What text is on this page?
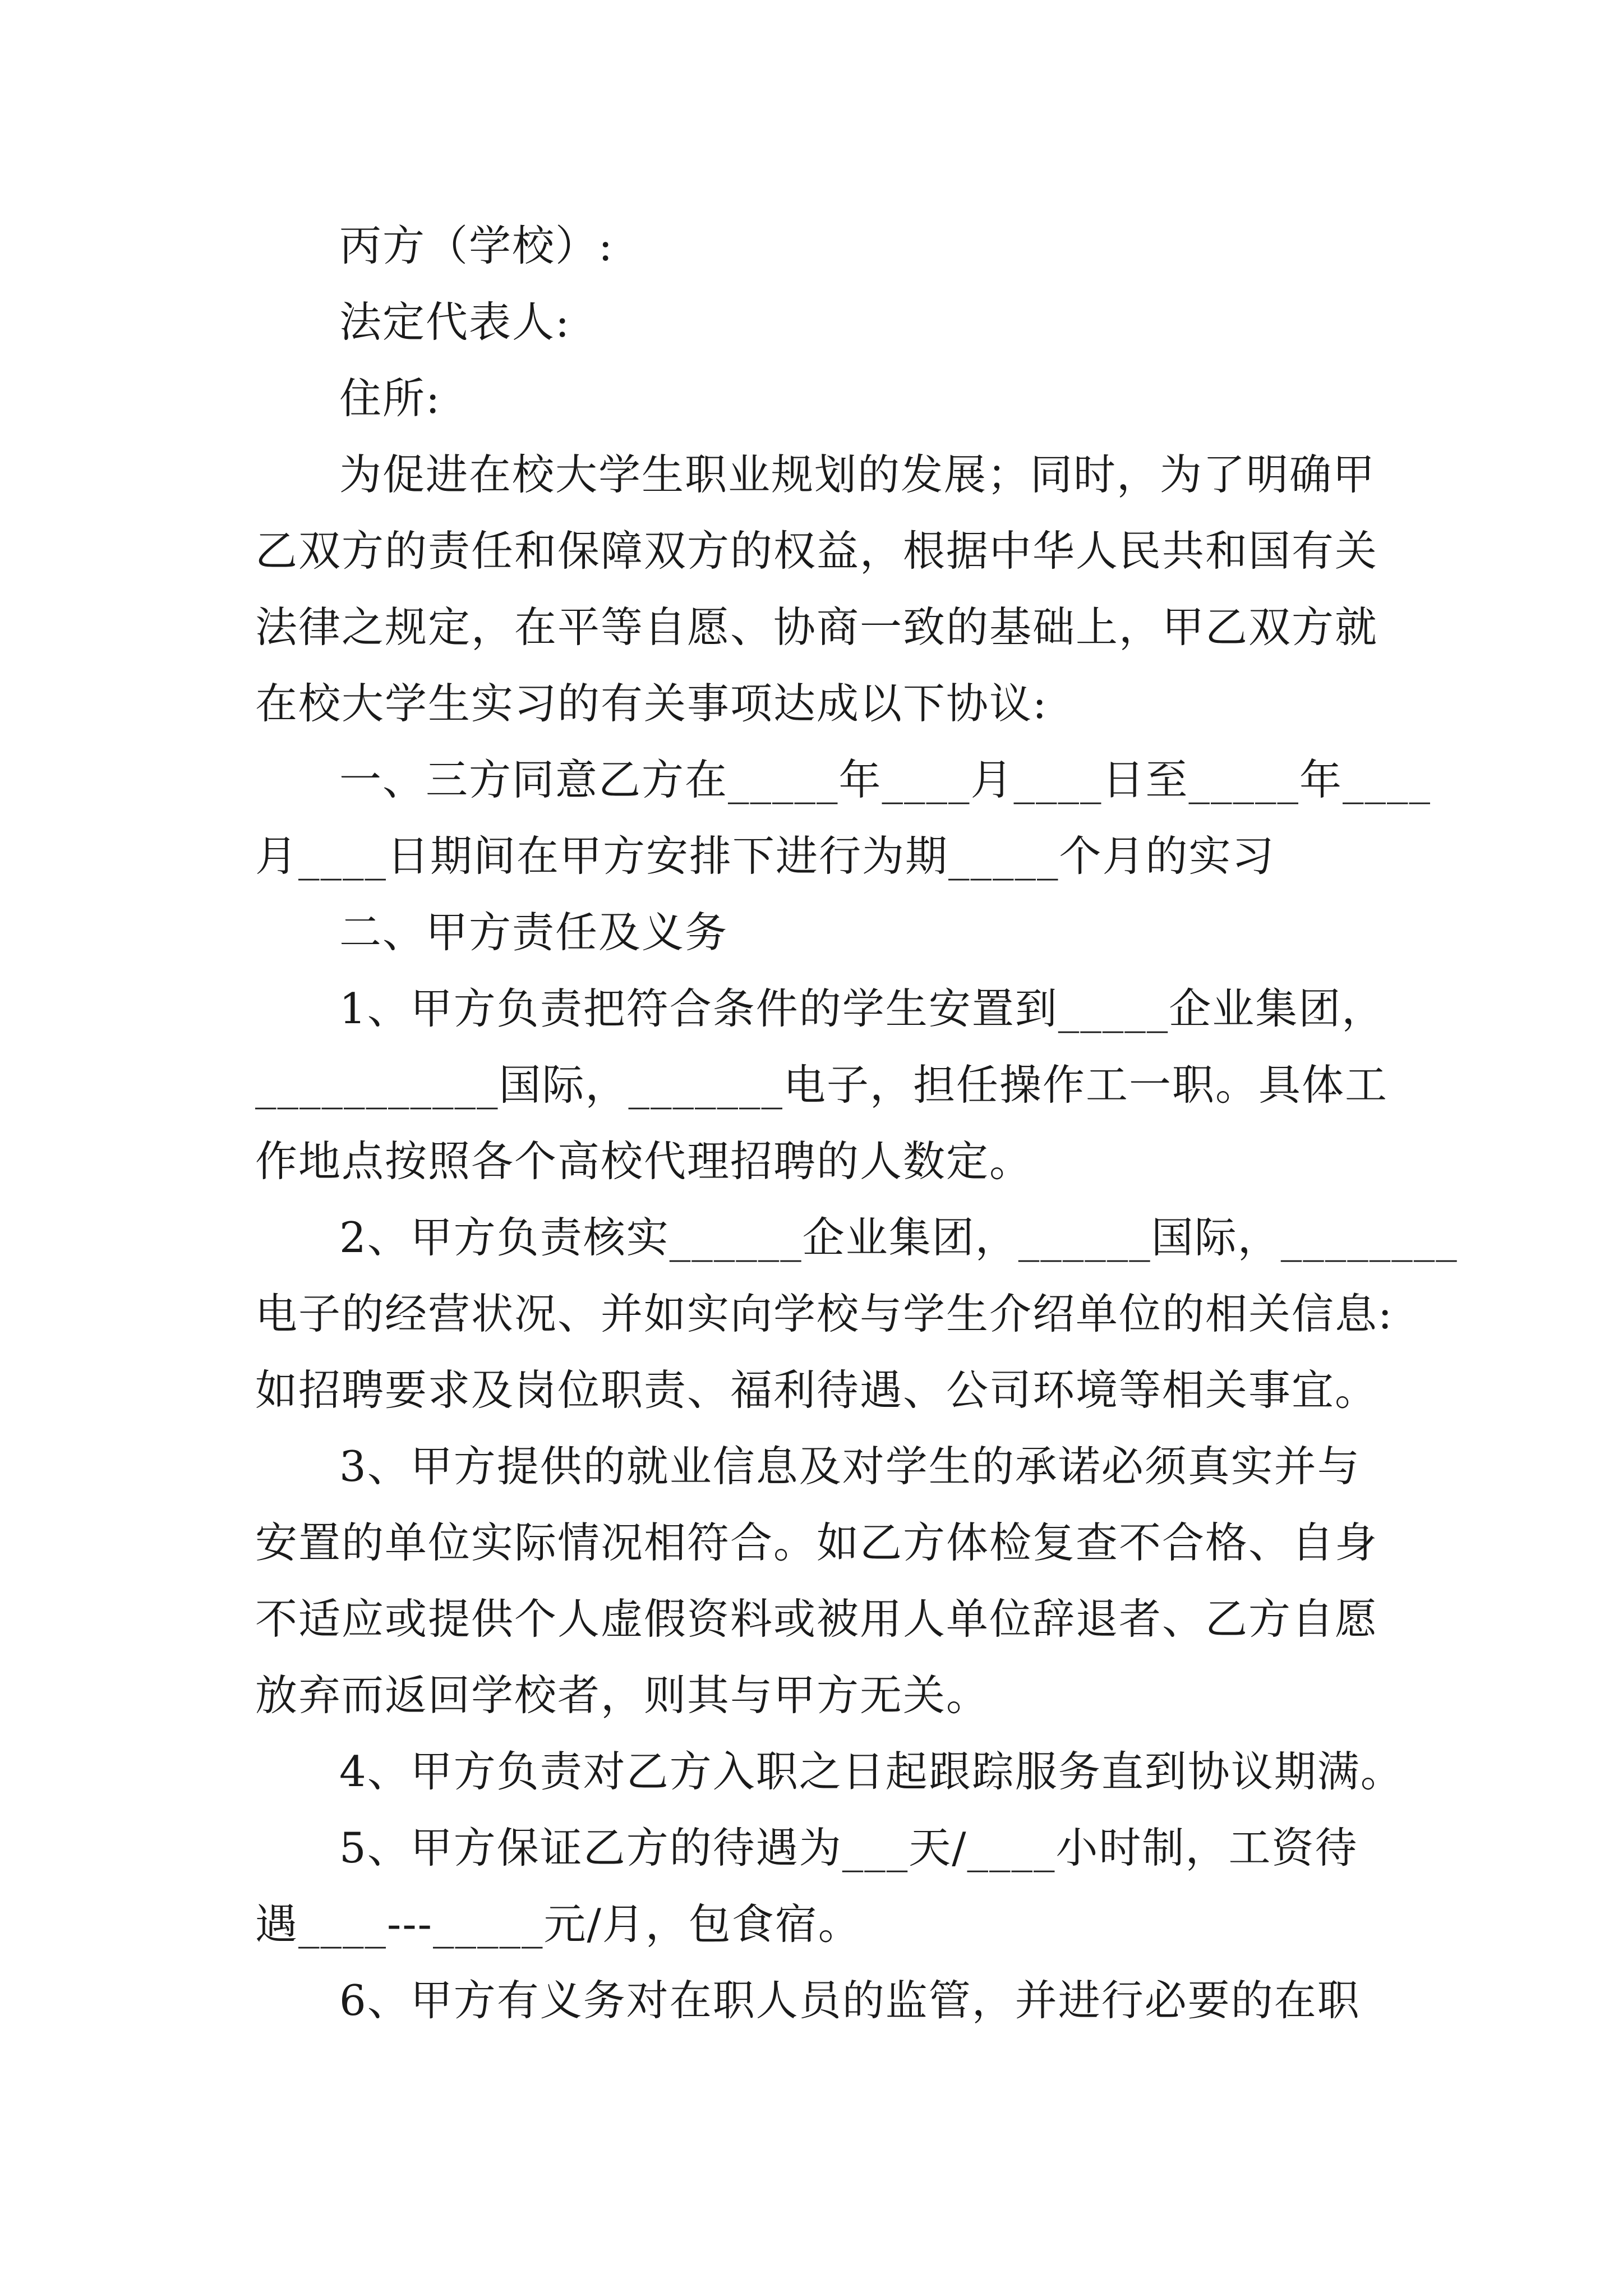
丙方（学校）:
法定代表人:
住所:
为促进在校大学生职业规划的发展；同时，为了明确甲
乙双方的责任和保障双方的权益，根据中华人民共和国有关
法律之规定，在平等自愿、协商一致的基础上，甲乙双方就
在校大学生实习的有关事项达成以下协议:
一、三方同意乙方在_____年____月____日至_____年____
月____日期间在甲方安排下进行为期_____个月的实习
二、甲方责任及义务
1、甲方负责把符合条件的学生安置到_____企业集团，
___________国际，_______电子，担任操作工一职。具体工
作地点按照各个高校代理招聘的人数定。
2、甲方负责核实______企业集团，______国际，________
电子的经营状况、并如实向学校与学生介绍单位的相关信息:
如招聘要求及岗位职责、福利待遇、公司环境等相关事宜。
3、甲方提供的就业信息及对学生的承诺必须真实并与
安置的单位实际情况相符合。如乙方体检复查不合格、自身
不适应或提供个人虚假资料或被用人单位辞退者、乙方自愿
放弃而返回学校者，则其与甲方无关。
4、甲方负责对乙方入职之日起跟踪服务直到协议期满。
5、甲方保证乙方的待遇为___天/____小时制，工资待
遇____---_____元/月，包食宿。
6、甲方有义务对在职人员的监管，并进行必要的在职
